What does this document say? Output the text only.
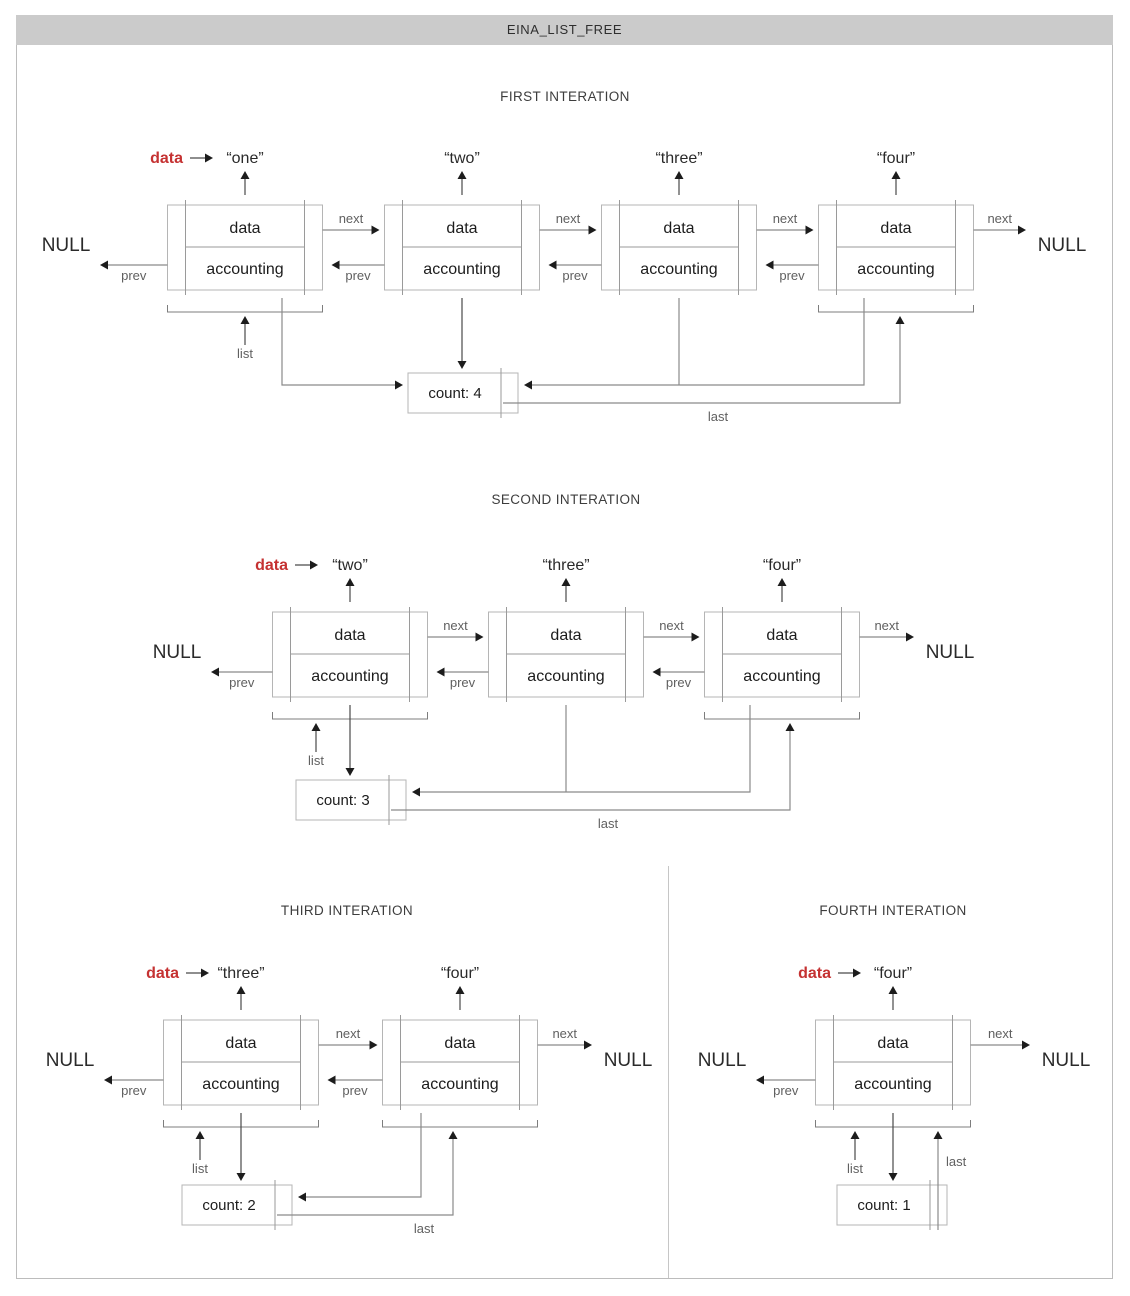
EINA_LIST_FREE
FIRST INTERATION
data
accounting
“one”
data
data
accounting
“two”
data
accounting
“three”
data
accounting
“four”
next	next	next	next
prev	prev	prev	prev
NULL	NULL
list
count: 4
last
SECOND INTERATION
data
accounting
“two”
data
data
accounting
“three”
data
accounting
“four”
next	next	next
prev	prev	prev
NULL	NULL
list
count: 3
last
THIRD INTERATION
data
accounting
“three”
data
data
accounting
“four”
next	next
prev	prev
NULL	NULL
list
count: 2
last
FOURTH INTERATION
data
accounting
“four”
data
next
prev
NULL	NULL
list
count: 1
last
